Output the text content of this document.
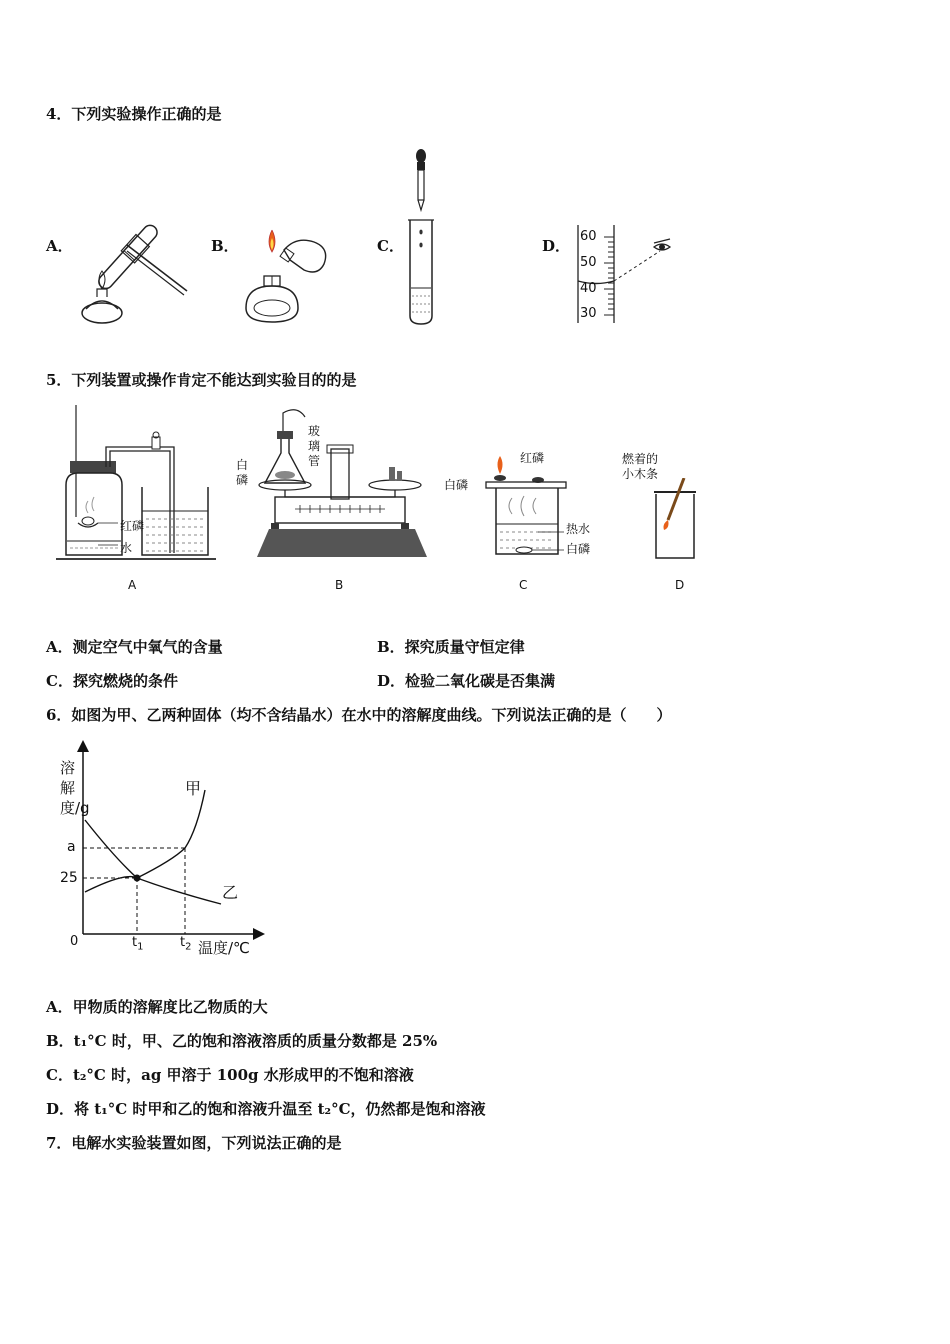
4．下列实验操作正确的是
A．	B．	C．	D．
60
50
40
30
5．下列装置或操作肯定不能达到实验目的的是
红磷
水
白磷
玻璃管	红磷
白磷
热水
白磷
燃着的小木条
A	B	C	D
A．测定空气中氧气的含量	B．探究质量守恒定律
C．探究燃烧的条件	D．检验二氧化碳是否集满
6．如图为甲、乙两种固体（均不含结晶水）在水中的溶解度曲线。下列说法正确的是（　　）
溶解度/g
a
25
0	$t_1$	$t_2$ 温度/℃
甲
乙
A．甲物质的溶解度比乙物质的大
B．t₁°C 时，甲、乙的饱和溶液溶质的质量分数都是 25%
C．t₂°C 时，ag 甲溶于 100g 水形成甲的不饱和溶液
D．将 t₁°C 时甲和乙的饱和溶液升温至 t₂°C，仍然都是饱和溶液
7．电解水实验装置如图，下列说法正确的是
